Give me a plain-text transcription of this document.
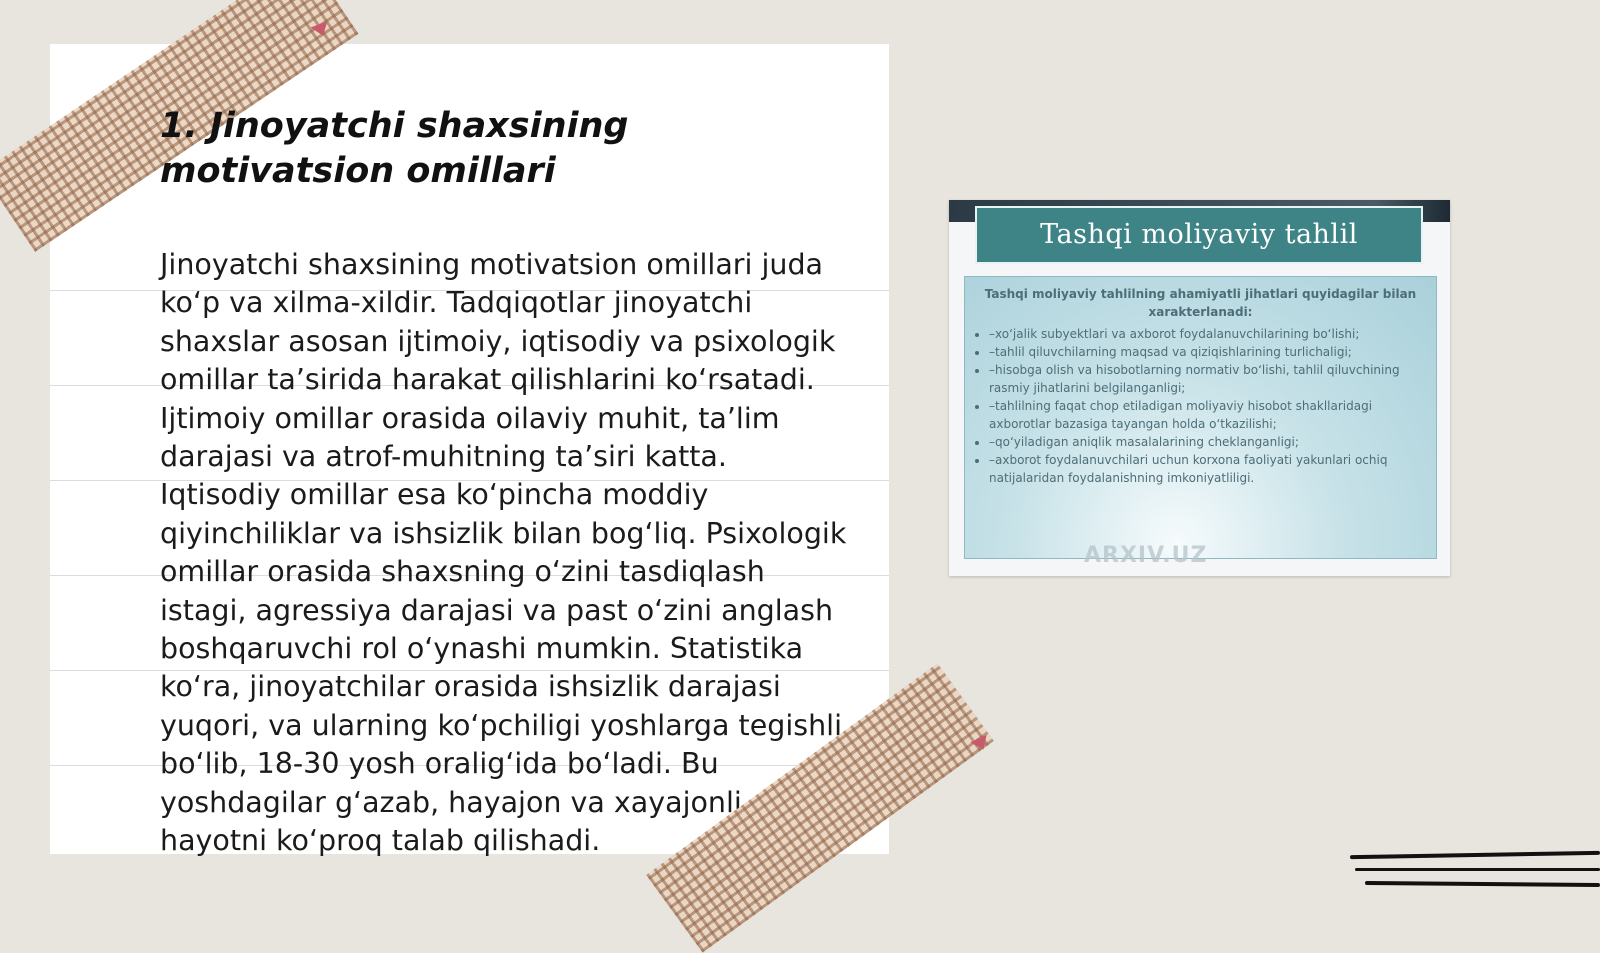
1. Jinoyatchi shaxsining motivatsion omillari

Jinoyatchi shaxsining motivatsion omillari juda ko‘p va xilma-xildir. Tadqiqotlar jinoyatchi shaxslar asosan ijtimoiy, iqtisodiy va psixologik omillar ta’sirida harakat qilishlarini ko‘rsatadi. Ijtimoiy omillar orasida oilaviy muhit, ta’lim darajasi va atrof-muhitning ta’siri katta. Iqtisodiy omillar esa ko‘pincha moddiy qiyinchiliklar va ishsizlik bilan bog‘liq. Psixologik omillar orasida shaxsning o‘zini tasdiqlash istagi, agressiya darajasi va past o‘zini anglash boshqaruvchi rol o‘ynashi mumkin. Statistika ko‘ra, jinoyatchilar orasida ishsizlik darajasi yuqori, va ularning ko‘pchiligi yoshlarga tegishli bo‘lib, 18-30 yosh oralig‘ida bo‘ladi. Bu yoshdagilar g‘azab, hayajon va xayajonli hayotni ko‘proq talab qilishadi.

Tashqi moliyaviy tahlil

Tashqi moliyaviy tahlilning ahamiyatli jihatlari quyidagilar bilan xarakterlanadi:

• –xo‘jalik subyektlari va axborot foydalanuvchilarining bo‘lishi;
• –tahlil qiluvchilarning maqsad va qiziqishlarining turlichaligi;
• –hisobga olish va hisobotlarning normativ bo‘lishi, tahlil qiluvchining rasmiy jihatlarini belgilanganligi;
• –tahlilning faqat chop etiladigan moliyaviy hisobot shakllaridagi axborotlar bazasiga tayangan holda o‘tkazilishi;
• –qo‘yiladigan aniqlik masalalarining cheklanganligi;
• –axborot foydalanuvchilari uchun korxona faoliyati yakunlari ochiq natijalaridan foydalanishning imkoniyatliligi.
ARXIV.UZ
